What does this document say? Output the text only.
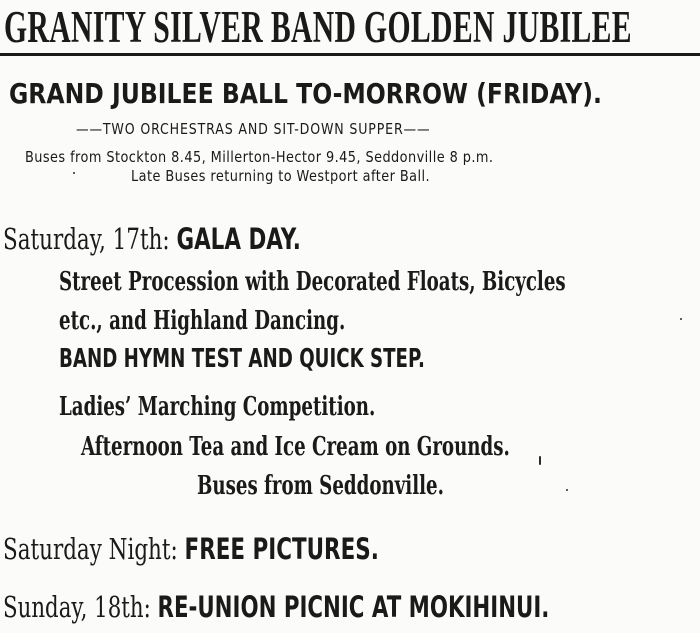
GRANITY SILVER BAND GOLDEN JUBILEE
GRAND JUBILEE BALL TO-MORROW (FRIDAY).
——TWO ORCHESTRAS AND SIT-DOWN SUPPER——
Buses from Stockton 8.45, Millerton-Hector 9.45, Seddonville 8 p.m.
Late Buses returning to Westport after Ball.
Saturday, 17th: GALA DAY.
Street Procession with Decorated Floats, Bicycles
etc., and Highland Dancing.
BAND HYMN TEST AND QUICK STEP.
Ladies’ Marching Competition.
Afternoon Tea and Ice Cream on Grounds.
Buses from Seddonville.
Saturday Night: FREE PICTURES.
Sunday, 18th: RE-UNION PICNIC AT MOKIHINUI.
